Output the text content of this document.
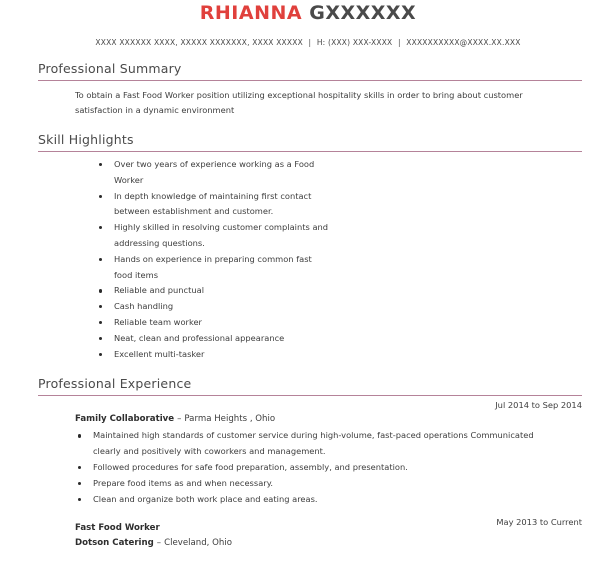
RHIANNA GXXXXXX
XXXX XXXXXX XXXX, XXXXX XXXXXXX, XXXX XXXXX | H: (XXX) XXX-XXXX | XXXXXXXXXX@XXXX.XX.XXX
Professional Summary
To obtain a Fast Food Worker position utilizing exceptional hospitality skills in order to bring about customer satisfaction in a dynamic environment
Skill Highlights
Over two years of experience working as a Food Worker
In depth knowledge of maintaining first contact between establishment and customer.
Highly skilled in resolving customer complaints and addressing questions.
Hands on experience in preparing common fast food items
Reliable and punctual
Cash handling
Reliable team worker
Neat, clean and professional appearance
Excellent multi-tasker
Professional Experience
Jul 2014 to Sep 2014
Family Collaborative – Parma Heights , Ohio
Maintained high standards of customer service during high-volume, fast-paced operations Communicated clearly and positively with coworkers and management.
Followed procedures for safe food preparation, assembly, and presentation.
Prepare food items as and when necessary.
Clean and organize both work place and eating areas.
Fast Food Worker
May 2013 to Current
Dotson Catering – Cleveland, Ohio
